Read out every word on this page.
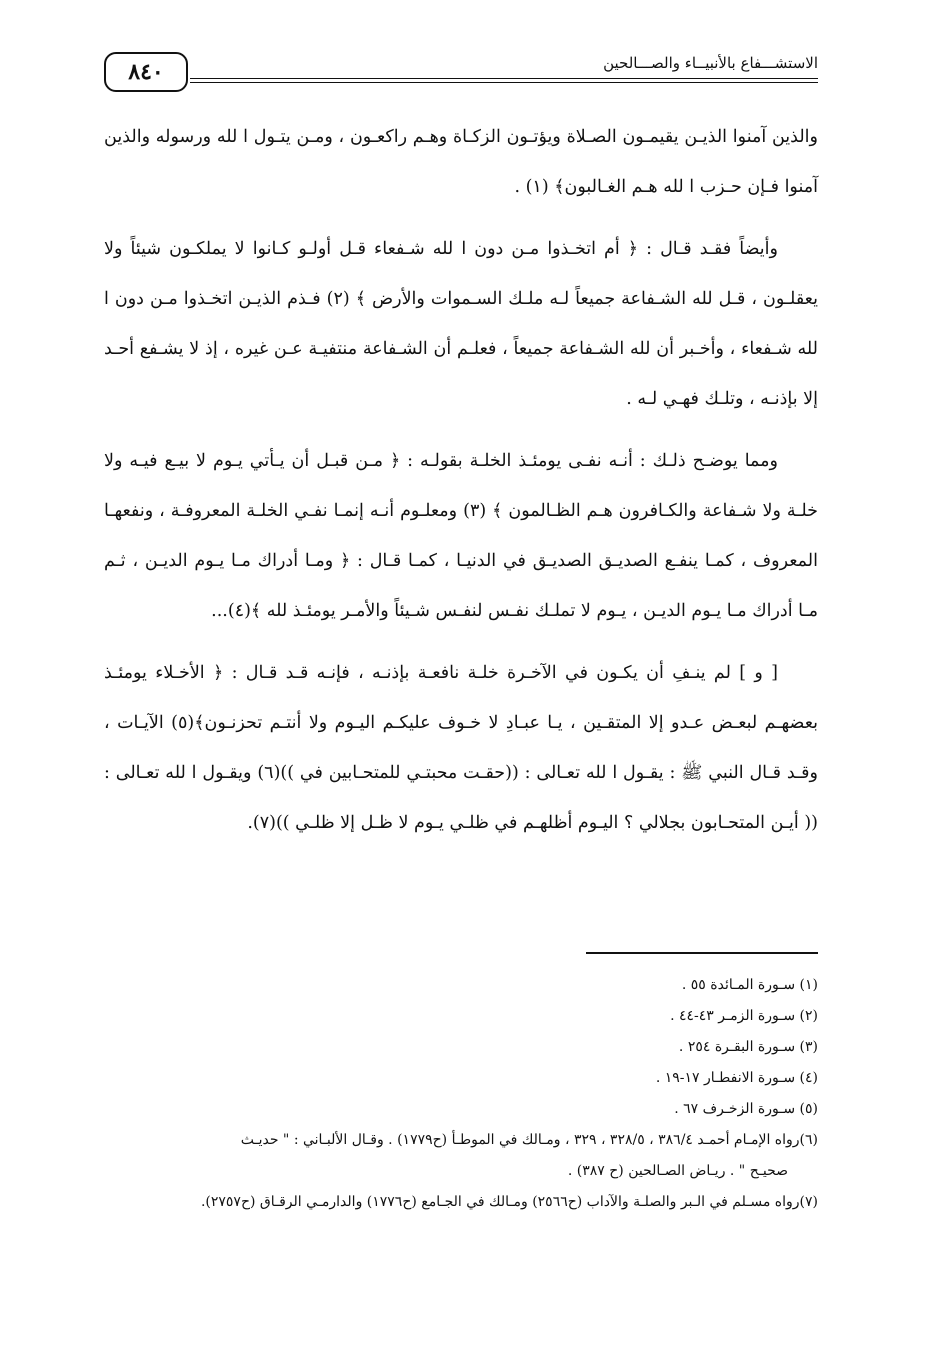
٨٤٠	الاستشـــفاع بالأنبيــاء والصـــالحين

والذين آمنوا الذيـن يقيمـون الصـلاة ويؤتـون الزكـاة وهـم راكعـون ، ومـن يتـول ا لله ورسوله والذين آمنوا فـإن حـزب ا لله هـم الغـالبون﴾ (١) .

وأيضاً فقـد قـال : ﴿ أم اتخـذوا مـن دون ا لله شـفعاء قـل أولـو كـانوا لا يملكـون شيئاً ولا يعقلـون ، قـل لله الشـفاعة جميعاً لـه ملـك السـموات والأرض ﴾ (٢) فـذم الذيـن اتخـذوا مـن دون ا لله شـفعاء ، وأخـبر أن لله الشـفاعة جميعاً ، فعلـم أن الشـفاعة منتفيـة عـن غيره ، إذ لا يشـفع أحـد إلا بإذنـه ، وتلـك فهـي لـه .

ومما يوضـح ذلـك : أنـه نفـى يومئـذ الخلـة بقولـه : ﴿ مـن قبـل أن يـأتي يـوم لا بيـع فيـه ولا خلـة ولا شـفاعة والكـافرون هـم الظـالمون ﴾ (٣) ومعلـوم أنـه إنمـا نفـي الخلـة المعروفـة ، ونفعهـا المعروف ، كمـا ينفـع الصديـق الصديـق في الدنيـا ، كمـا قـال : ﴿ ومـا أدراك مـا يـوم الديـن ، ثـم مـا أدراك مـا يـوم الديـن ، يـوم لا تملـك نفـس لنفـس شـيئاً والأمـر يومئـذ لله ﴾(٤)...

[ و ] لم ينـفِ أن يكـون في الآخـرة خلـة نافعـة بإذنـه ، فإنـه قـد قـال : ﴿ الأخـلاء يومئـذ بعضهـم لبعـض عـدو إلا المتقـين ، يـا عبـادِ لا خـوف عليكـم اليـوم ولا أنتـم تحزنـون﴾(٥) الآيـات ، وقـد قـال النبي ﷺ : يقـول ا لله تعـالى : ((حقـت محبتـي للمتحـابين في ))(٦) ويقـول ا لله تعـالى : (( أيـن المتحـابون بجلالي ؟ اليـوم أظلهـم في ظلـي يـوم لا ظـل إلا ظلـي ))(٧).

(١) سـورة المـائدة ٥٥ .

(٢) سـورة الزمـر ٤٣-٤٤ .

(٣) سـورة البقـرة ٢٥٤ .

(٤) سـورة الانفطـار ١٧-١٩ .

(٥) سـورة الزخـرف ٦٧ .

(٦)رواه الإمـام أحمـد ٣٨٦/٤ ، ٣٢٨/٥ ، ٣٢٩ ، ومـالك في الموطـأ (ح١٧٧٩) . وقـال الألبـاني : " حديـث

صحيـح " . ريـاض الصـالحين (ح ٣٨٧) .

(٧)رواه مسـلم في الـبر والصلـة والآداب (ح٢٥٦٦) ومـالك في الجـامع (ح١٧٧٦) والدارمـي الرقـاق (ح٢٧٥٧).
